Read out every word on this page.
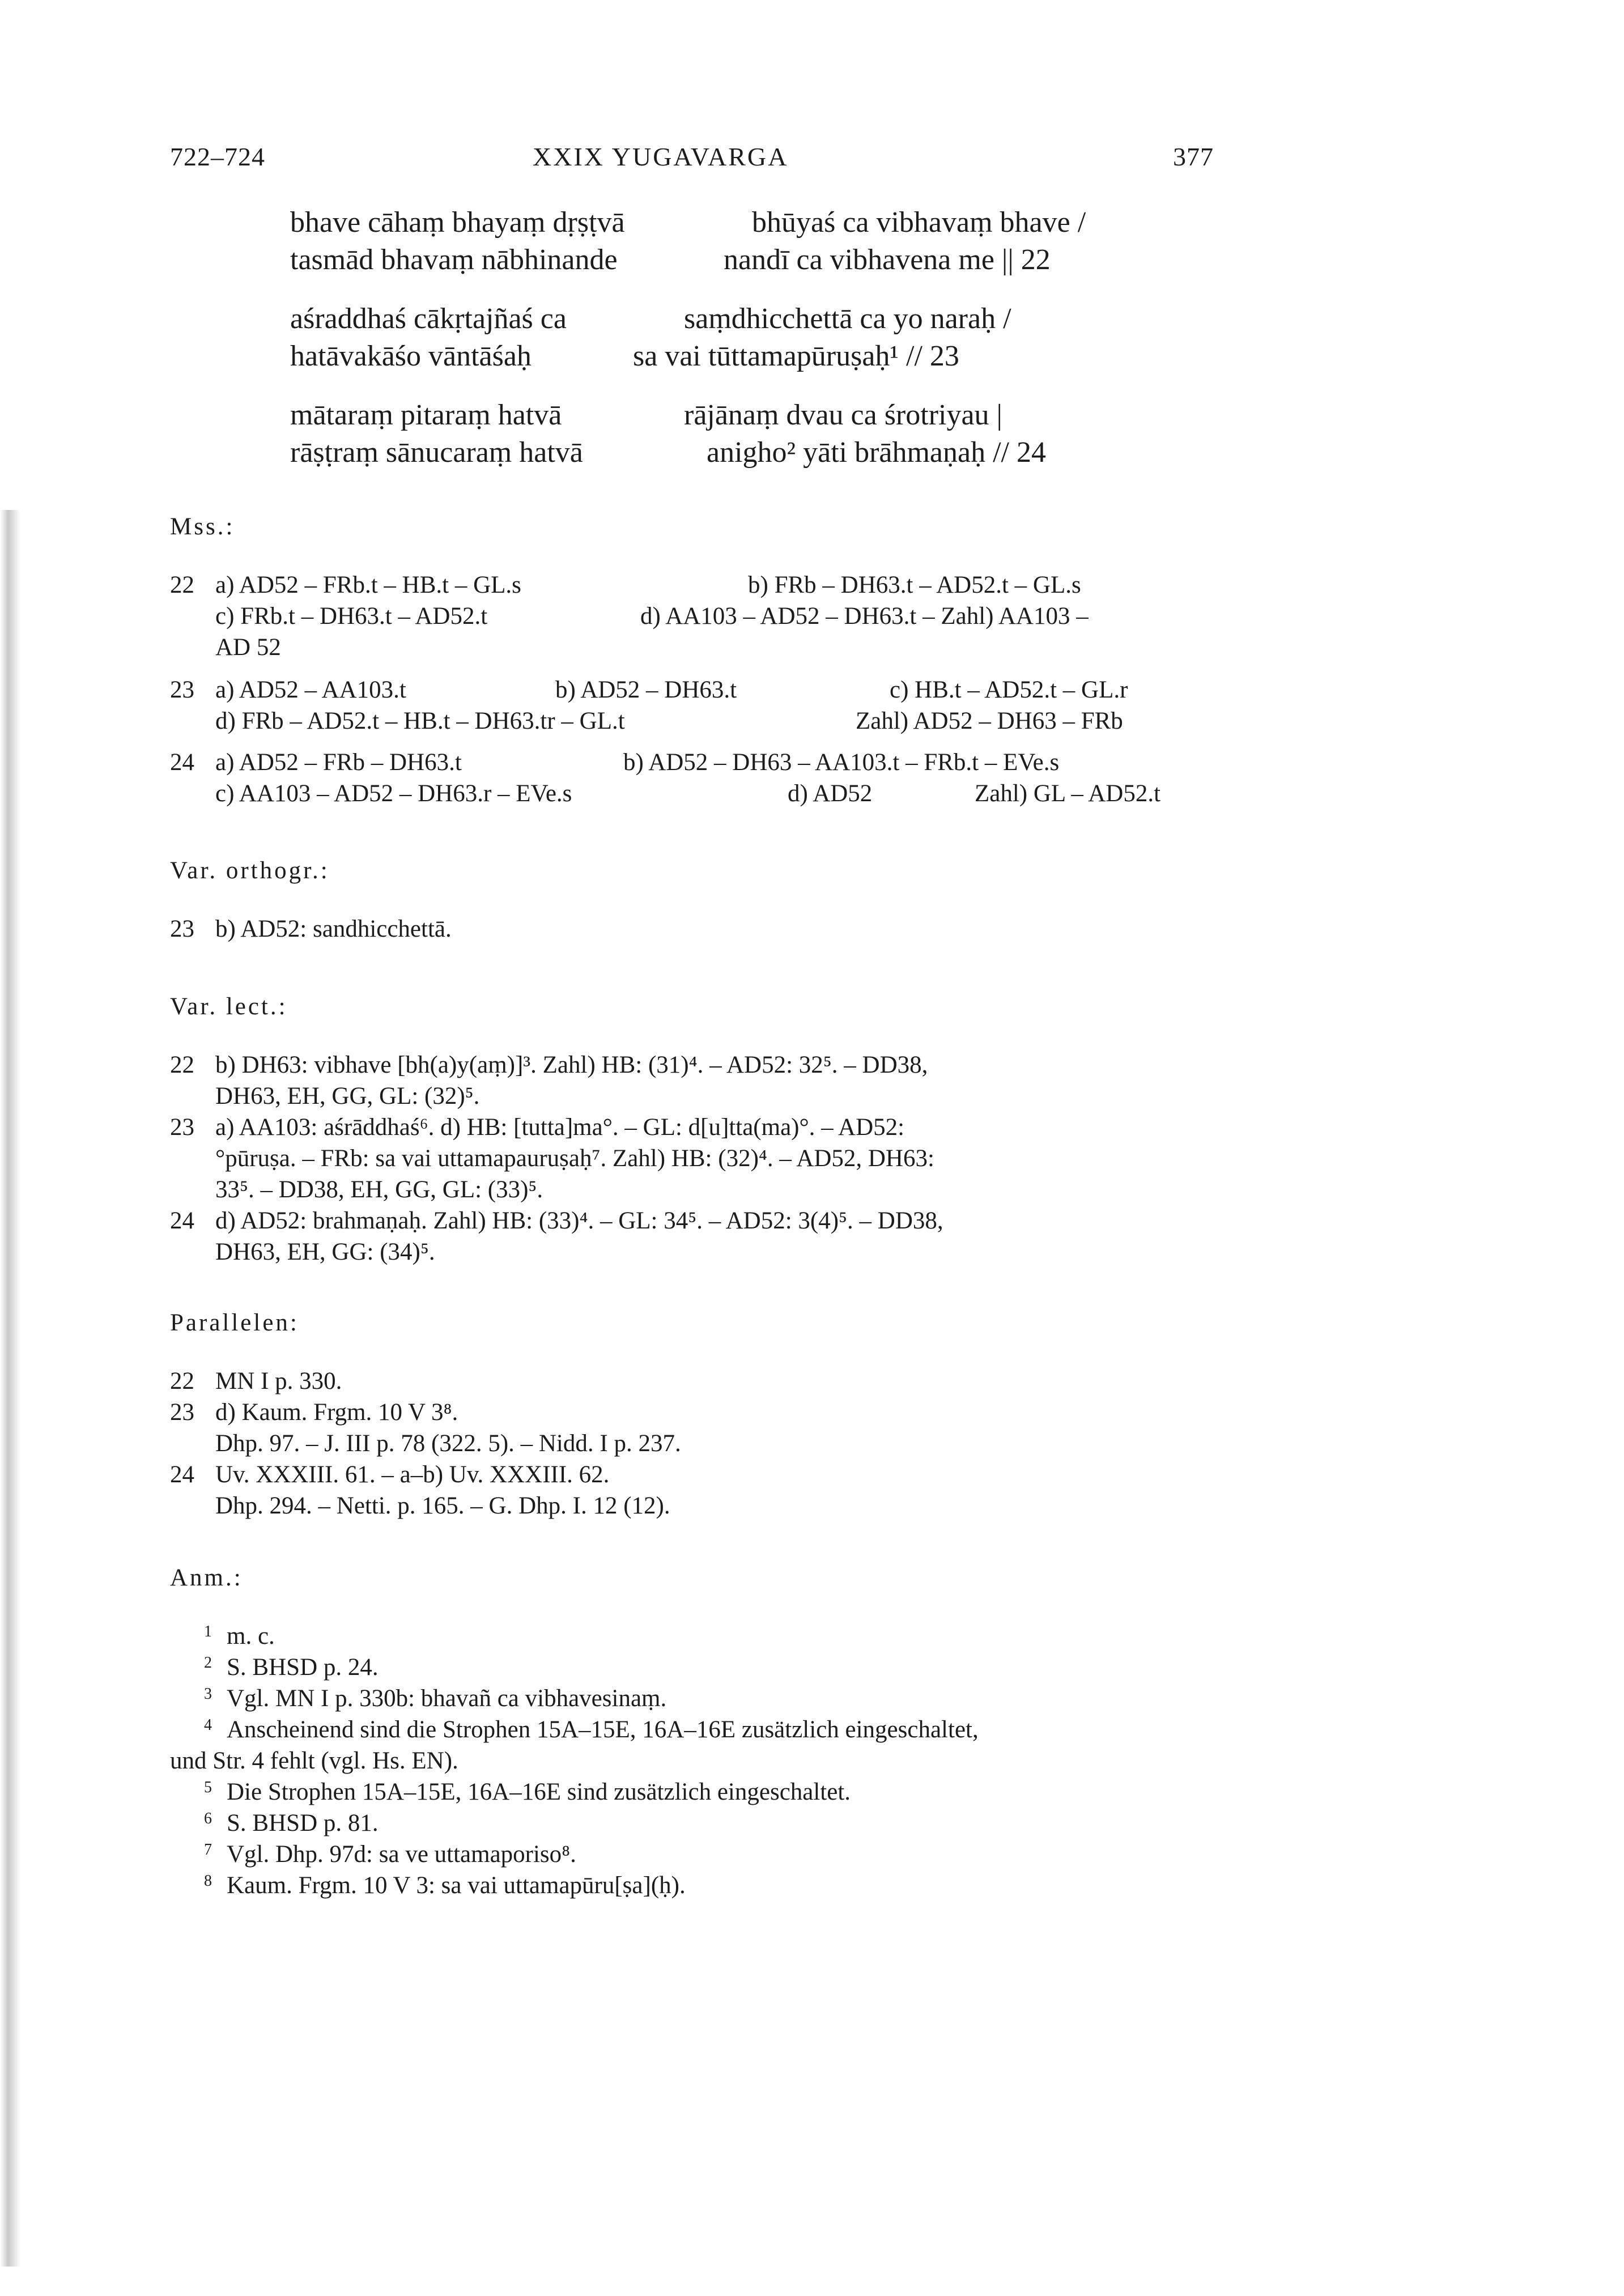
722–724	XXIX YUGAVARGA	377
bhave cāhaṃ bhayaṃ dṛṣṭvā	bhūyaś ca vibhavaṃ bhave /
tasmād bhavaṃ nābhinande	nandī ca vibhavena me || 22
aśraddhaś cākṛtajñaś ca	saṃdhicchettā ca yo naraḥ /
hatāvakāśo vāntāśaḥ	sa vai tūttamapūruṣaḥ¹ // 23
mātaraṃ pitaraṃ hatvā	rājānaṃ dvau ca śrotriyau |
rāṣṭraṃ sānucaraṃ hatvā	anigho² yāti brāhmaṇaḥ // 24
Mss.:
22 a) AD52 – FRb.t – HB.t – GL.s	b) FRb – DH63.t – AD52.t – GL.s
c) FRb.t – DH63.t – AD52.t	d) AA103 – AD52 – DH63.t – Zahl) AA103 –
AD 52
23 a) AD52 – AA103.t	b) AD52 – DH63.t	c) HB.t – AD52.t – GL.r
d) FRb – AD52.t – HB.t – DH63.tr – GL.t	Zahl) AD52 – DH63 – FRb
24 a) AD52 – FRb – DH63.t	b) AD52 – DH63 – AA103.t – FRb.t – EVe.s
c) AA103 – AD52 – DH63.r – EVe.s	d) AD52	Zahl) GL – AD52.t
Var. orthogr.:
23 b) AD52: sandhicchettā.
Var. lect.:
22 b) DH63: vibhave [bh(a)y(aṃ)]³. Zahl) HB: (31)⁴. – AD52: 32⁵. – DD38,
DH63, EH, GG, GL: (32)⁵.
23 a) AA103: aśrāddhaś⁶. d) HB: [tutta]ma°. – GL: d[u]tta(ma)°. – AD52:
°pūruṣa. – FRb: sa vai uttamapauruṣaḥ⁷. Zahl) HB: (32)⁴. – AD52, DH63:
33⁵. – DD38, EH, GG, GL: (33)⁵.
24 d) AD52: brahmaṇaḥ. Zahl) HB: (33)⁴. – GL: 34⁵. – AD52: 3(4)⁵. – DD38,
DH63, EH, GG: (34)⁵.
Parallelen:
22 MN I p. 330.
23 d) Kaum. Frgm. 10 V 3⁸.
Dhp. 97. – J. III p. 78 (322. 5). – Nidd. I p. 237.
24 Uv. XXXIII. 61. – a–b) Uv. XXXIII. 62.
Dhp. 294. – Netti. p. 165. – G. Dhp. I. 12 (12).
Anm.:
1 m. c.
2 S. BHSD p. 24.
3 Vgl. MN I p. 330b: bhavañ ca vibhavesinaṃ.
4 Anscheinend sind die Strophen 15A–15E, 16A–16E zusätzlich eingeschaltet,
und Str. 4 fehlt (vgl. Hs. EN).
5 Die Strophen 15A–15E, 16A–16E sind zusätzlich eingeschaltet.
6 S. BHSD p. 81.
7 Vgl. Dhp. 97d: sa ve uttamaporiso⁸.
8 Kaum. Frgm. 10 V 3: sa vai uttamapūru[ṣa](ḥ).
